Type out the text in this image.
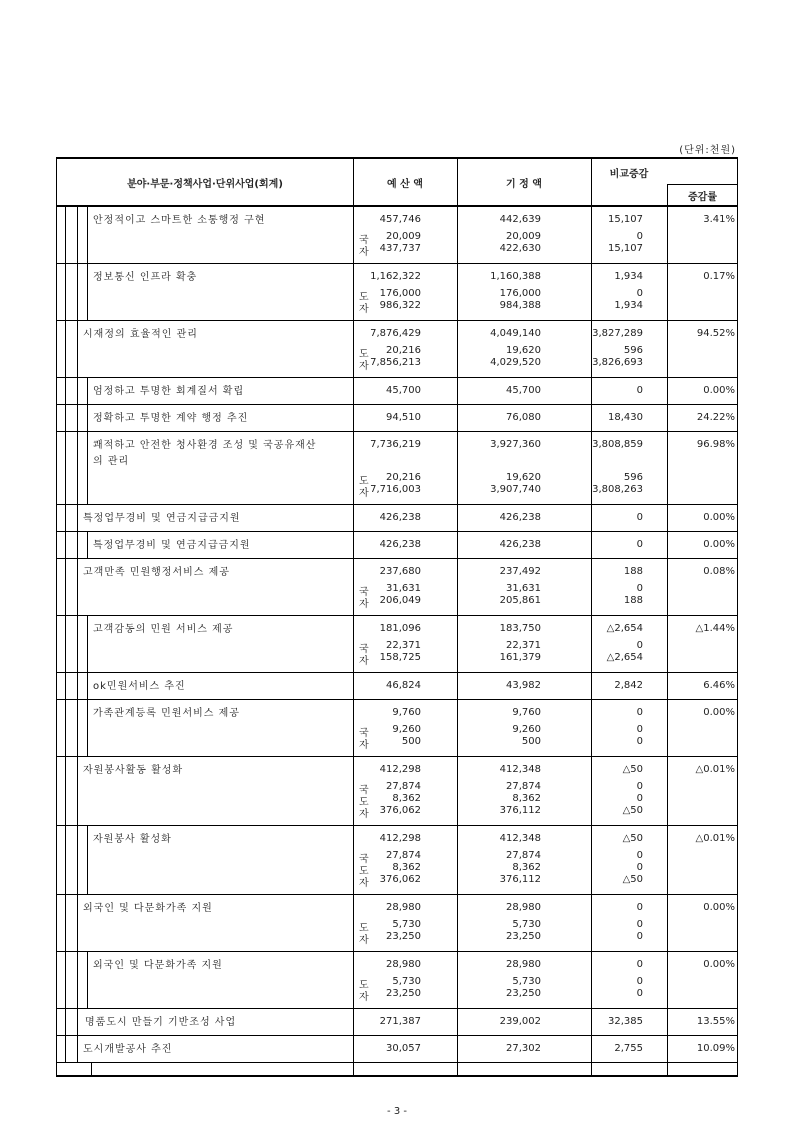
(단위:천원)
분야·부문·정책사업·단위사업(회계)	예 산 액	기 정 액
비교증감
증감률
안정적이고 스마트한 소통행정 구현	457,746	442,639	15,107	3.41%
국 20,009	20,009	0
자 437,737	422,630	15,107
정보통신 인프라 확충	1,162,322	1,160,388	1,934	0.17%
도 176,000	176,000	0
자 986,322	984,388	1,934
시재정의 효율적인 관리	7,876,429	4,049,140	3,827,289	94.52%
도 20,216	19,620	596
자 7,856,213	4,029,520	3,826,693
엄정하고 투명한 회계질서 확립	45,700	45,700	0	0.00%
정확하고 투명한 계약 행정 추진	94,510	76,080	18,430	24.22%
쾌적하고 안전한 청사환경 조성 및 국공유재산
의 관리
7,736,219	3,927,360	3,808,859	96.98%
도 20,216	19,620	596
자 7,716,003	3,907,740	3,808,263
특정업무경비 및 연금지급금지원	426,238	426,238	0	0.00%
특정업무경비 및 연금지급금지원	426,238	426,238	0	0.00%
고객만족 민원행정서비스 제공	237,680	237,492	188	0.08%
국 31,631	31,631	0
자 206,049	205,861	188
고객감동의 민원 서비스 제공	181,096	183,750	△2,654	△1.44%
국 22,371	22,371	0
자 158,725	161,379	△2,654
ok민원서비스 추진	46,824	43,982	2,842	6.46%
가족관계등록 민원서비스 제공	9,760	9,760	0	0.00%
국 9,260	9,260	0
자	500	500	0
자원봉사활동 활성화	412,298	412,348	△50	△0.01%
국 27,874	27,874	0
도 8,362	8,362	0
자 376,062	376,112	△50
자원봉사 활성화	412,298	412,348	△50	△0.01%
국 27,874	27,874	0
도 8,362	8,362	0
자 376,062	376,112	△50
외국인 및 다문화가족 지원	28,980	28,980	0	0.00%
도 5,730	5,730	0
자 23,250	23,250	0
외국인 및 다문화가족 지원	28,980	28,980	0	0.00%
도 5,730	5,730	0
자 23,250	23,250	0
명품도시 만들기 기반조성 사업	271,387	239,002	32,385	13.55%
도시개발공사 추진	30,057	27,302	2,755	10.09%
- 3 -
